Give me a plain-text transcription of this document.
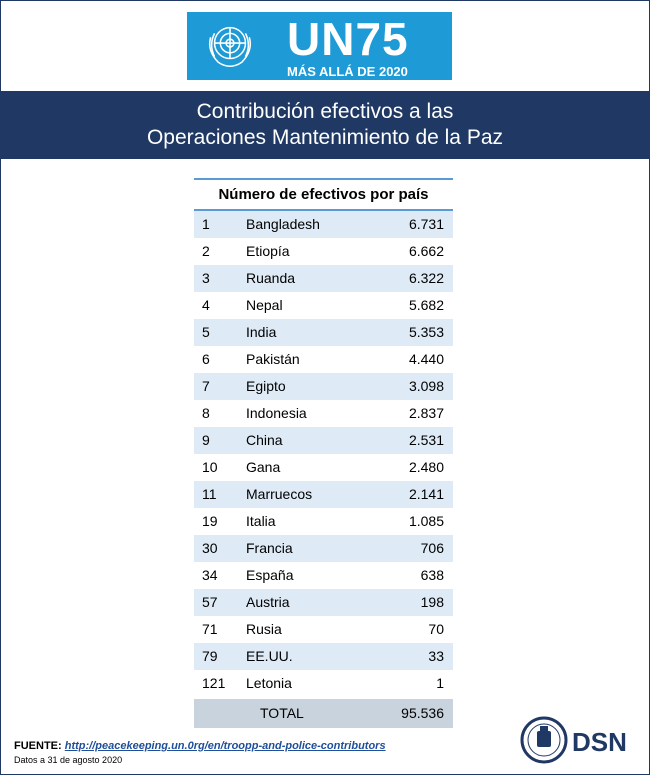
UN75
MÁS ALLÁ DE 2020
Contribución efectivos a las
Operaciones Mantenimiento de la Paz
Número de efectivos por país
1	Bangladesh	6.731
2	Etiopía	6.662
3	Ruanda	6.322
4	Nepal	5.682
5	India	5.353
6	Pakistán	4.440
7	Egipto	3.098
8	Indonesia	2.837
9	China	2.531
10 Gana	2.480
11 Marruecos	2.141
19 Italia	1.085
30 Francia	706
34 España	638
57 Austria	198
71 Rusia	70
79 EE.UU.	33
121 Letonia	1
TOTAL	95.536
FUENTE: http://peacekeeping.un.0rg/en/troopp-and-police-contributors
Datos a 31 de agosto 2020
DSN
